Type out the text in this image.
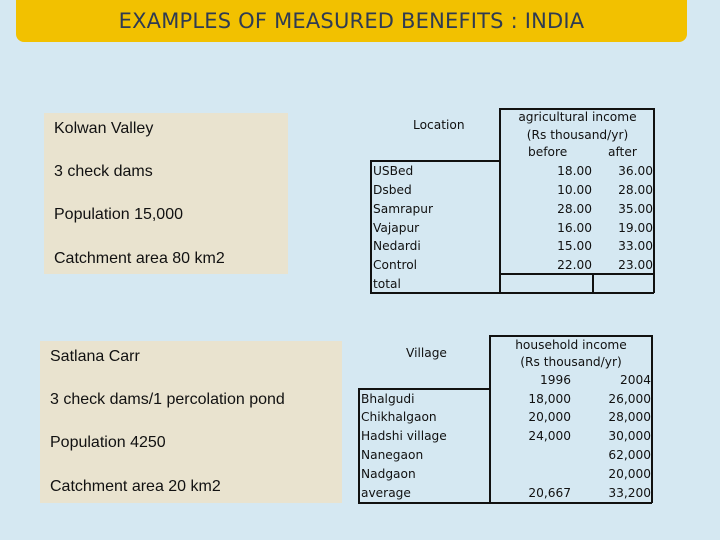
EXAMPLES OF MEASURED BENEFITS : INDIA
Kolwan Valley
3 check dams
Population 15,000
Catchment area 80 km2
Satlana Carr
3 check dams/1 percolation pond
Population 4250
Catchment area 20 km2
Location
agricultural income
(Rs thousand/yr)
before	after
USBed
Dsbed
Samrapur
Vajapur
Nedardi
Control
total
18.00
10.00
28.00
16.00
15.00
22.00
36.00
28.00
35.00
19.00
33.00
23.00
Village
household income
(Rs thousand/yr)
1996	2004
Bhalgudi
Chikhalgaon
Hadshi village
Nanegaon
Nadgaon
average
18,000
20,000
24,000
20,667
26,000
28,000
30,000
62,000
20,000
33,200
